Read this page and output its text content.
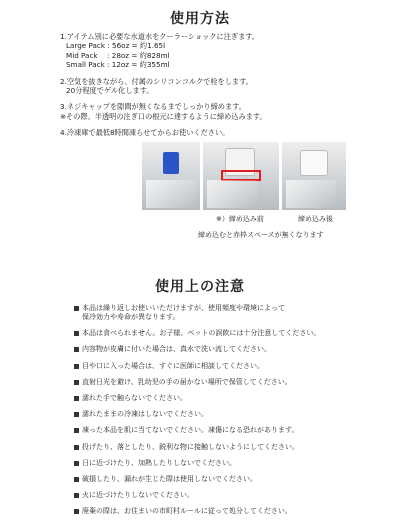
使用方法
1.アイテム別に必要な水道水をクーラーショックに注ぎます。
Large Pack : 56oz = 約1.65l
Mid Pack　 : 28oz = 約828ml
Small Pack : 12oz = 約355ml
2.空気を抜きながら、付属のシリコンコルクで栓をします。
20分程度でゲル化します。
3.ネジキャップを隙間が無くなるまでしっかり締めます。
※その際、半透明の注ぎ口の根元に達するように締め込みます。
4.冷凍庫で最低8時間凍らせてからお使いください。
※）締め込み前	締め込み後
締め込むと赤枠スペースが無くなります
使用上の注意
本品は繰り返しお使いいただけますが、使用頻度や環境によって
保冷効力や寿命が異なります。
本品は食べられません。お子様、ペットの誤飲には十分注意してください。
内容物が皮膚に付いた場合は、真水で洗い流してください。
目や口に入った場合は、すぐに医師に相談してください。
直射日光を避け、乳幼児の手の届かない場所で保管してください。
濡れた手で触らないでください。
濡れたままの冷凍はしないでください。
凍った本品を肌に当てないでください。凍傷になる恐れがあります。
投げたり、落としたり、鋭利な物に接触しないようにしてください。
日に近づけたり、加熱したりしないでください。
破損したり、漏れが生じた際は使用しないでください。
火に近づけたりしないでください。
廃棄の際は、お住まいの市町村ルールに従って処分してください。
